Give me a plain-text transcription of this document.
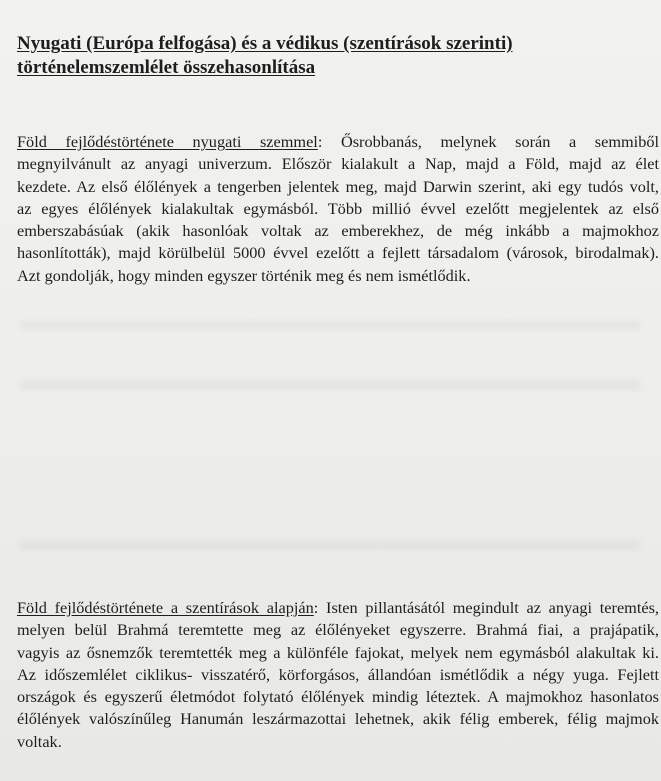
Nyugati (Európa felfogása) és a védikus (szentírások szerinti)
történelemszemlélet összehasonlítása
Föld fejlődéstörténete nyugati szemmel: Ősrobbanás, melynek során a semmiből
megnyilvánult az anyagi univerzum. Először kialakult a Nap, majd a Föld, majd az élet
kezdete. Az első élőlények a tengerben jelentek meg, majd Darwin szerint, aki egy tudós volt,
az egyes élőlények kialakultak egymásból. Több millió évvel ezelőtt megjelentek az első
emberszabásúak (akik hasonlóak voltak az emberekhez, de még inkább a majmokhoz
hasonlították), majd körülbelül 5000 évvel ezelőtt a fejlett társadalom (városok, birodalmak).
Azt gondolják, hogy minden egyszer történik meg és nem ismétlődik.
Föld fejlődéstörténete a szentírások alapján: Isten pillantásától megindult az anyagi teremtés,
melyen belül Brahmá teremtette meg az élőlényeket egyszerre. Brahmá fiai, a prajápatik,
vagyis az ősnemzők teremtették meg a különféle fajokat, melyek nem egymásból alakultak ki.
Az időszemlélet ciklikus- visszatérő, körforgásos, állandóan ismétlődik a négy yuga. Fejlett
országok és egyszerű életmódot folytató élőlények mindig léteztek. A majmokhoz hasonlatos
élőlények valószínűleg Hanumán leszármazottai lehetnek, akik félig emberek, félig majmok
voltak.
